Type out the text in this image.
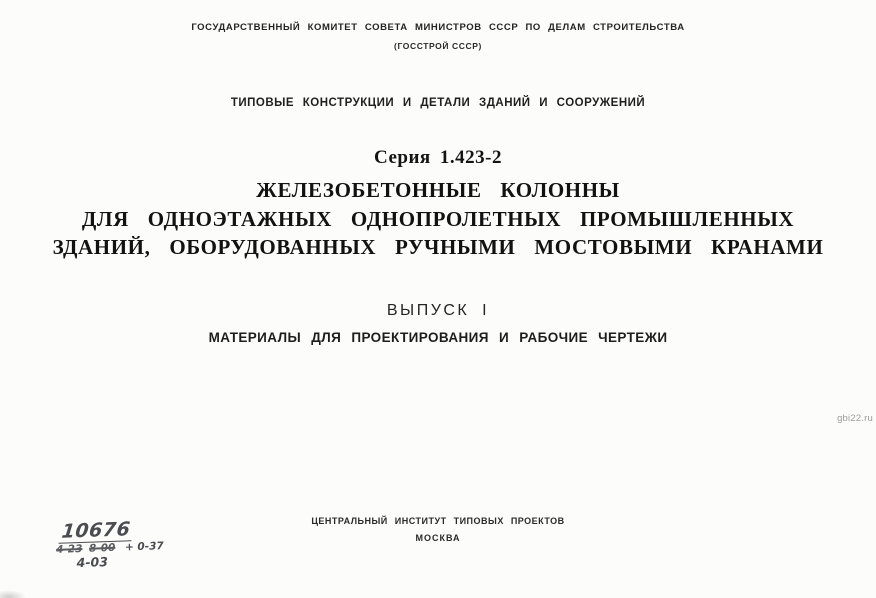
ГОСУДАРСТВЕННЫЙ КОМИТЕТ СОВЕТА МИНИСТРОВ СССР ПО ДЕЛАМ СТРОИТЕЛЬСТВА
(ГОССТРОЙ СССР)
ТИПОВЫЕ КОНСТРУКЦИИ И ДЕТАЛИ ЗДАНИЙ И СООРУЖЕНИЙ
Серия 1.423-2
ЖЕЛЕЗОБЕТОННЫЕ КОЛОННЫ
ДЛЯ ОДНОЭТАЖНЫХ ОДНОПРОЛЕТНЫХ ПРОМЫШЛЕННЫХ
ЗДАНИЙ, ОБОРУДОВАННЫХ РУЧНЫМИ МОСТОВЫМИ КРАНАМИ
ВЫПУСК I
МАТЕРИАЛЫ ДЛЯ ПРОЕКТИРОВАНИЯ И РАБОЧИЕ ЧЕРТЕЖИ
gbi22.ru
ЦЕНТРАЛЬНЫЙ ИНСТИТУТ ТИПОВЫХ ПРОЕКТОВ
МОСКВА
10676
4-23 8-00 + 0-37
4-03
